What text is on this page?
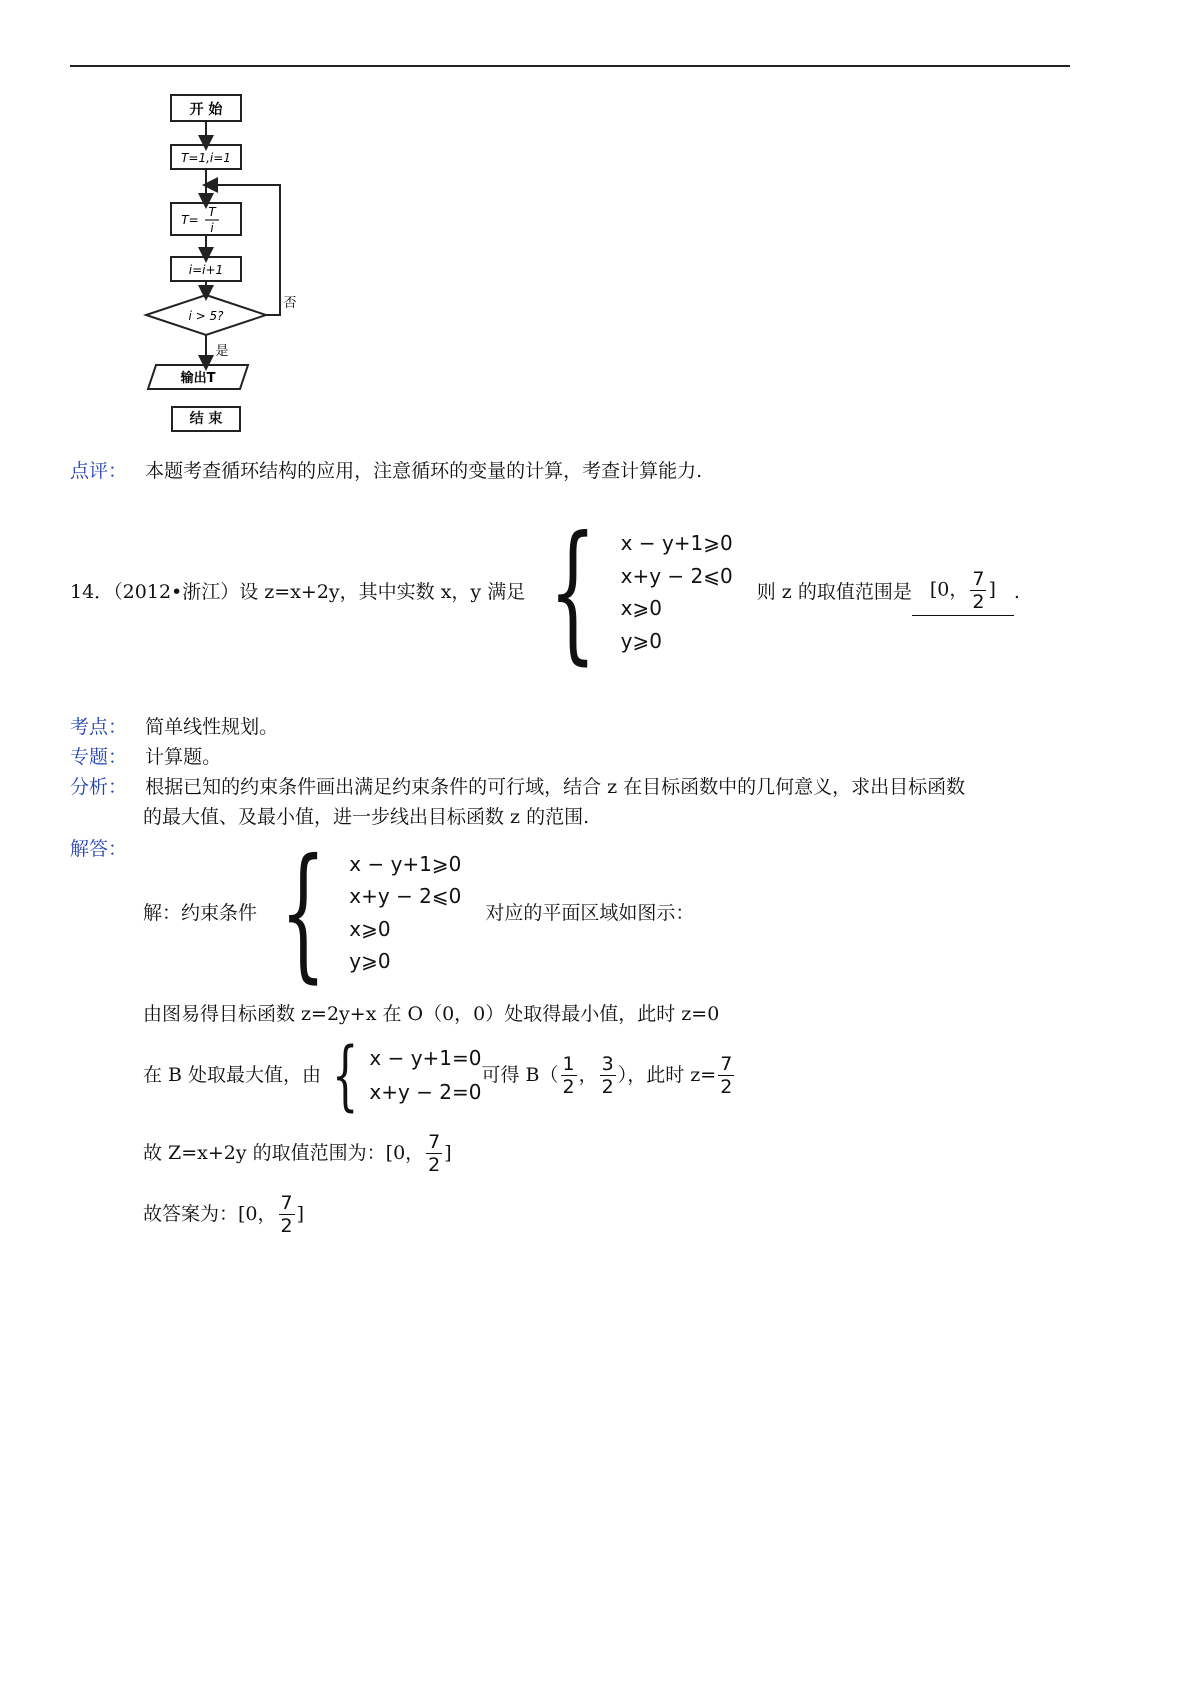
开 始
T=1,i=1
T=
T
i
i=i+1
i > 5?
否
是
输出T
结 束
点评： 本题考查循环结构的应用，注意循环的变量的计算，考查计算能力.
14．（2012•浙江）设 z=x+2y，其中实数 x，y 满足 { x − y+1⩾0
x+y − 2⩽0
x⩾0
y⩾0
则 z 的取值范围是 [0， $\frac{7}{2}$ ] .
考点： 简单线性规划。
专题： 计算题。
分析： 根据已知的约束条件画出满足约束条件的可行域，结合 z 在目标函数中的几何意义，求出目标函数
的最大值、及最小值，进一步线出目标函数 z 的范围.
解答：
解：约束条件 { x − y+1⩾0
x+y − 2⩽0
x⩾0
y⩾0
对应的平面区域如图示：
由图易得目标函数 z=2y+x 在 O（0，0）处取得最小值，此时 z=0
在 B 处取最大值，由 { x − y+1=0
x+y − 2=0
可得 $B( \frac{1}{2}$ ， $\frac{3}{2}$ ），此时 $z= \frac{7}{2}$
故 Z=x+2y 的取值范围为：[0， $\frac{7}{2}$ ]
故答案为：[0， $\frac{7}{2}$ ]
